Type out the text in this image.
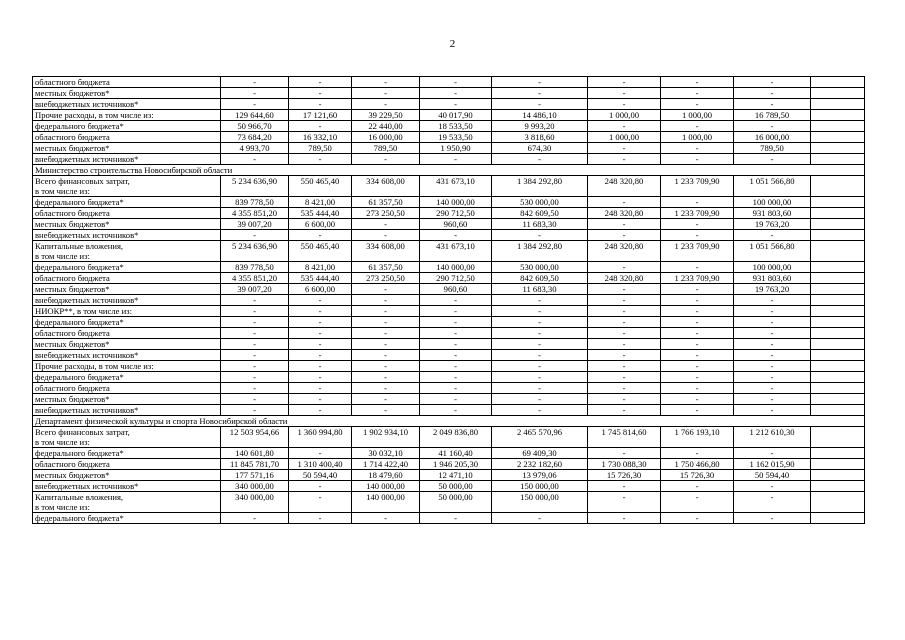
2
областного бюджета	-	-	-	-	-	-	-	-	
местных бюджетов*	-	-	-	-	-	-	-	-	
внебюджетных источников*	-	-	-	-	-	-	-	-	
Прочие расходы, в том числе из:	129 644,60	17 121,60	39 229,50	40 017,90	14 486,10	1 000,00	1 000,00	16 789,50	
федерального бюджета*	50 966,70	-	22 440,00	18 533,50	9 993,20	-	-	-	
областного бюджета	73 684,20	16 332,10	16 000,00	19 533,50	3 818,60	1 000,00	1 000,00	16 000,00	
местных бюджетов*	4 993,70	789,50	789,50	1 950,90	674,30	-	-	789,50	
внебюджетных источников*	-	-	-	-	-	-	-	-	
Министерство строительства Новосибирской области									
Всего финансовых затрат,
в том числе из:	5 234 636,90	550 465,40	334 608,00	431 673,10	1 384 292,80	248 320,80	1 233 709,90	1 051 566,80	
федерального бюджета*	839 778,50	8 421,00	61 357,50	140 000,00	530 000,00	-	-	100 000,00	
областного бюджета	4 355 851,20	535 444,40	273 250,50	290 712,50	842 609,50	248 320,80	1 233 709,90	931 803,60	
местных бюджетов*	39 007,20	6 600,00	-	960,60	11 683,30	-	-	19 763,20	
внебюджетных источников*	-	-	-	-	-	-	-	-	
Капитальные вложения,
в том числе из:	5 234 636,90	550 465,40	334 608,00	431 673,10	1 384 292,80	248 320,80	1 233 709,90	1 051 566,80	
федерального бюджета*	839 778,50	8 421,00	61 357,50	140 000,00	530 000,00	-	-	100 000,00	
областного бюджета	4 355 851,20	535 444,40	273 250,50	290 712,50	842 609,50	248 320,80	1 233 709,90	931 803,60	
местных бюджетов*	39 007,20	6 600,00	-	960,60	11 683,30	-	-	19 763,20	
внебюджетных источников*	-	-	-	-	-	-	-	-	
НИОКР**, в том числе из:	-	-	-	-	-	-	-	-	
федерального бюджета*	-	-	-	-	-	-	-	-	
областного бюджета	-	-	-	-	-	-	-	-	
местных бюджетов*	-	-	-	-	-	-	-	-	
внебюджетных источников*	-	-	-	-	-	-	-	-	
Прочие расходы, в том числе из:	-	-	-	-	-	-	-	-	
федерального бюджета*	-	-	-	-	-	-	-	-	
областного бюджета	-	-	-	-	-	-	-	-	
местных бюджетов*	-	-	-	-	-	-	-	-	
внебюджетных источников*	-	-	-	-	-	-	-	-	
Департамент физической культуры и спорта Новосибирской области									
Всего финансовых затрат,
в том числе из:	12 503 954,66	1 360 994,80	1 902 934,10	2 049 836,80	2 465 570,96	1 745 814,60	1 766 193,10	1 212 610,30	
федерального бюджета*	140 601,80	-	30 032,10	41 160,40	69 409,30	-	-	-	
областного бюджета	11 845 781,70	1 310 400,40	1 714 422,40	1 946 205,30	2 232 182,60	1 730 088,30	1 750 466,80	1 162 015,90	
местных бюджетов*	177 571,16	50 594,40	18 479,60	12 471,10	13 979,06	15 726,30	15 726,30	50 594,40	
внебюджетных источников*	340 000,00	-	140 000,00	50 000,00	150 000,00	-	-	-	
Капитальные вложения,
в том числе из:	340 000,00	-	140 000,00	50 000,00	150 000,00	-	-	-	
федерального бюджета*	-	-	-	-	-	-	-	-	
